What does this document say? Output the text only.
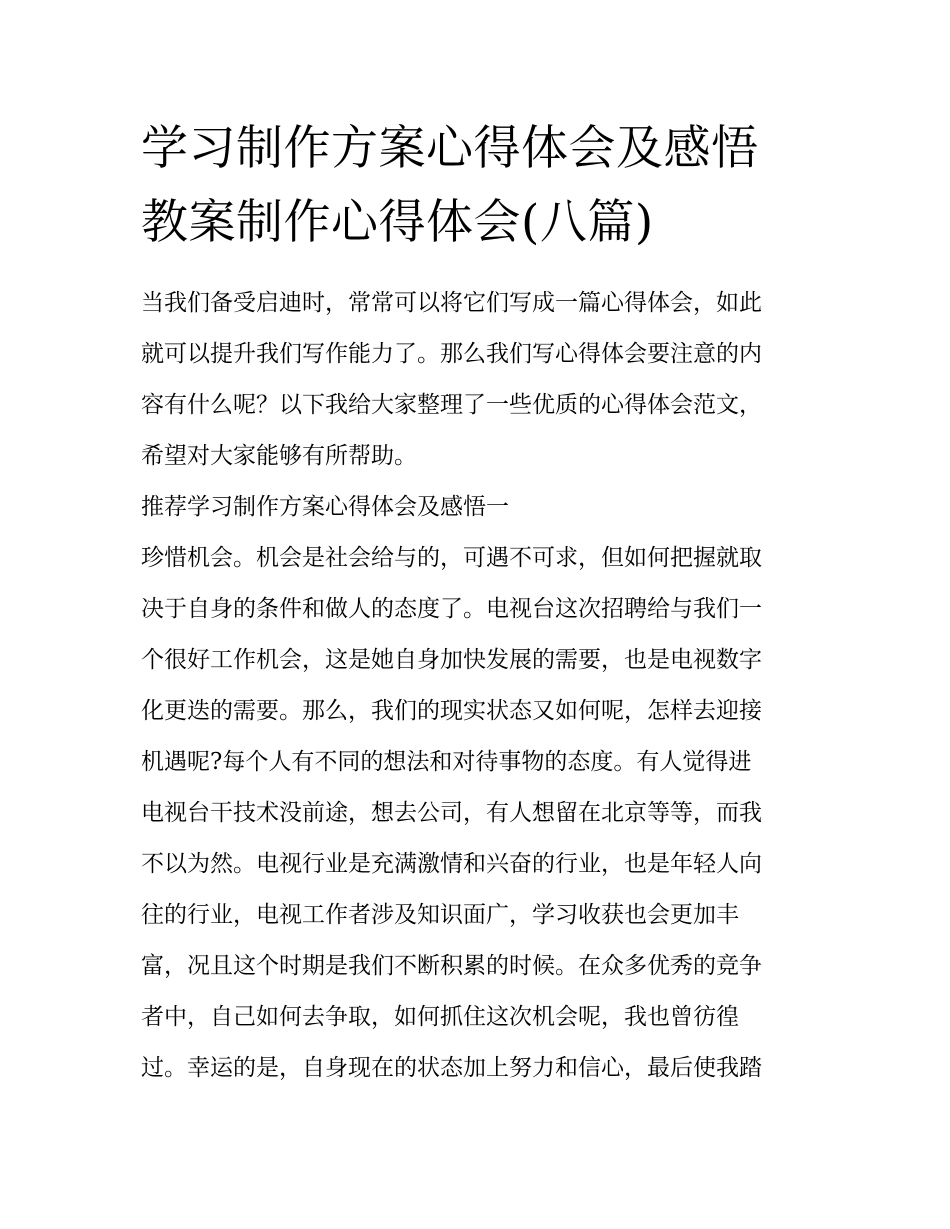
学习制作方案心得体会及感悟
教案制作心得体会(八篇)

当我们备受启迪时，常常可以将它们写成一篇心得体会，如此
就可以提升我们写作能力了。那么我们写心得体会要注意的内
容有什么呢？以下我给大家整理了一些优质的心得体会范文，
希望对大家能够有所帮助。

推荐学习制作方案心得体会及感悟一

珍惜机会。机会是社会给与的，可遇不可求，但如何把握就取
决于自身的条件和做人的态度了。电视台这次招聘给与我们一
个很好工作机会，这是她自身加快发展的需要，也是电视数字
化更迭的需要。那么，我们的现实状态又如何呢，怎样去迎接
机遇呢?每个人有不同的想法和对待事物的态度。有人觉得进
电视台干技术没前途，想去公司，有人想留在北京等等，而我
不以为然。电视行业是充满激情和兴奋的行业，也是年轻人向
往的行业，电视工作者涉及知识面广，学习收获也会更加丰
富，况且这个时期是我们不断积累的时候。在众多优秀的竞争
者中，自己如何去争取，如何抓住这次机会呢，我也曾彷徨
过。幸运的是，自身现在的状态加上努力和信心，最后使我踏
